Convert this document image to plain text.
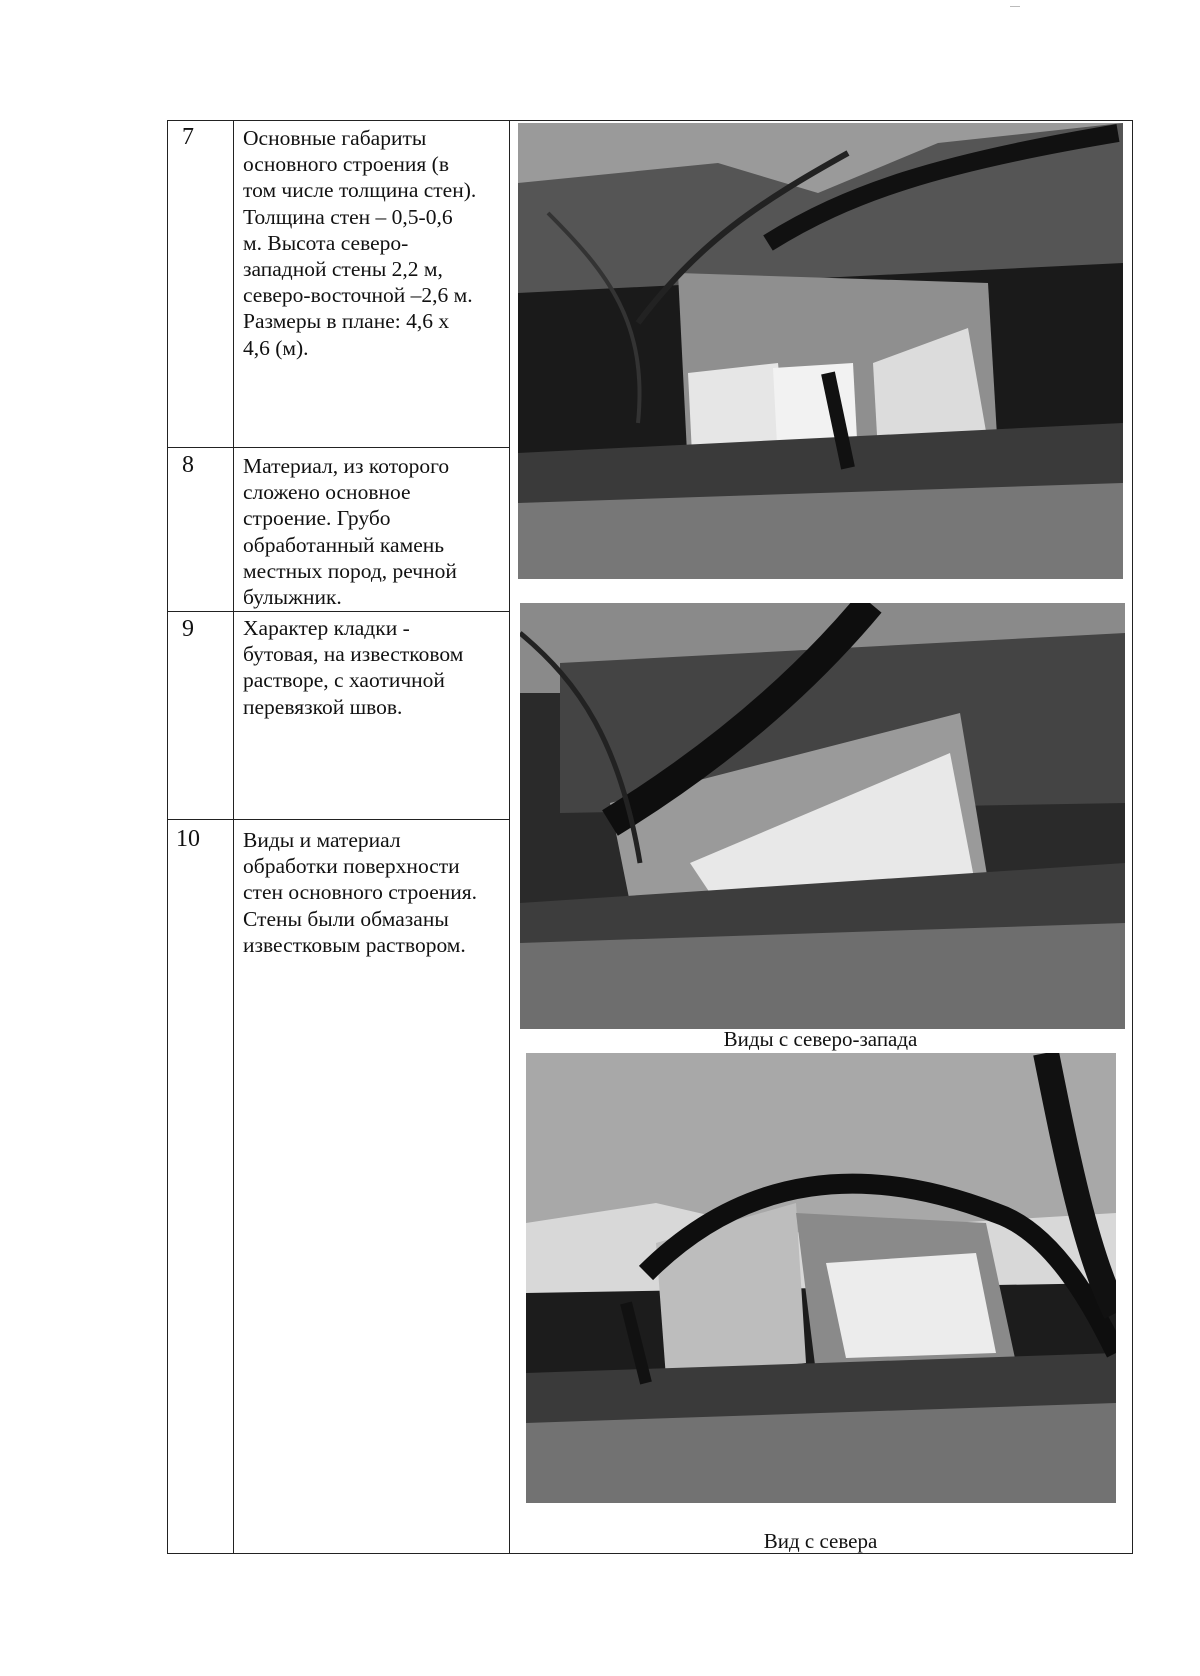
7 Основные габариты
основного строения (в
том числе толщина стен).
Толщина стен – 0,5-0,6
м. Высота северо-
западной стены 2,2 м,
северо-восточной –2,6 м.
Размеры в плане: 4,6 х
4,6 (м).
8 Материал, из которого
сложено основное
строение. Грубо
обработанный камень
местных пород, речной
булыжник.
9 Характер кладки -
бутовая, на известковом
растворе, с хаотичной
перевязкой швов.
10 Виды и материал
обработки поверхности
стен основного строения.
Стены были обмазаны
известковым раствором.
Виды с северо-запада
Вид с севера
